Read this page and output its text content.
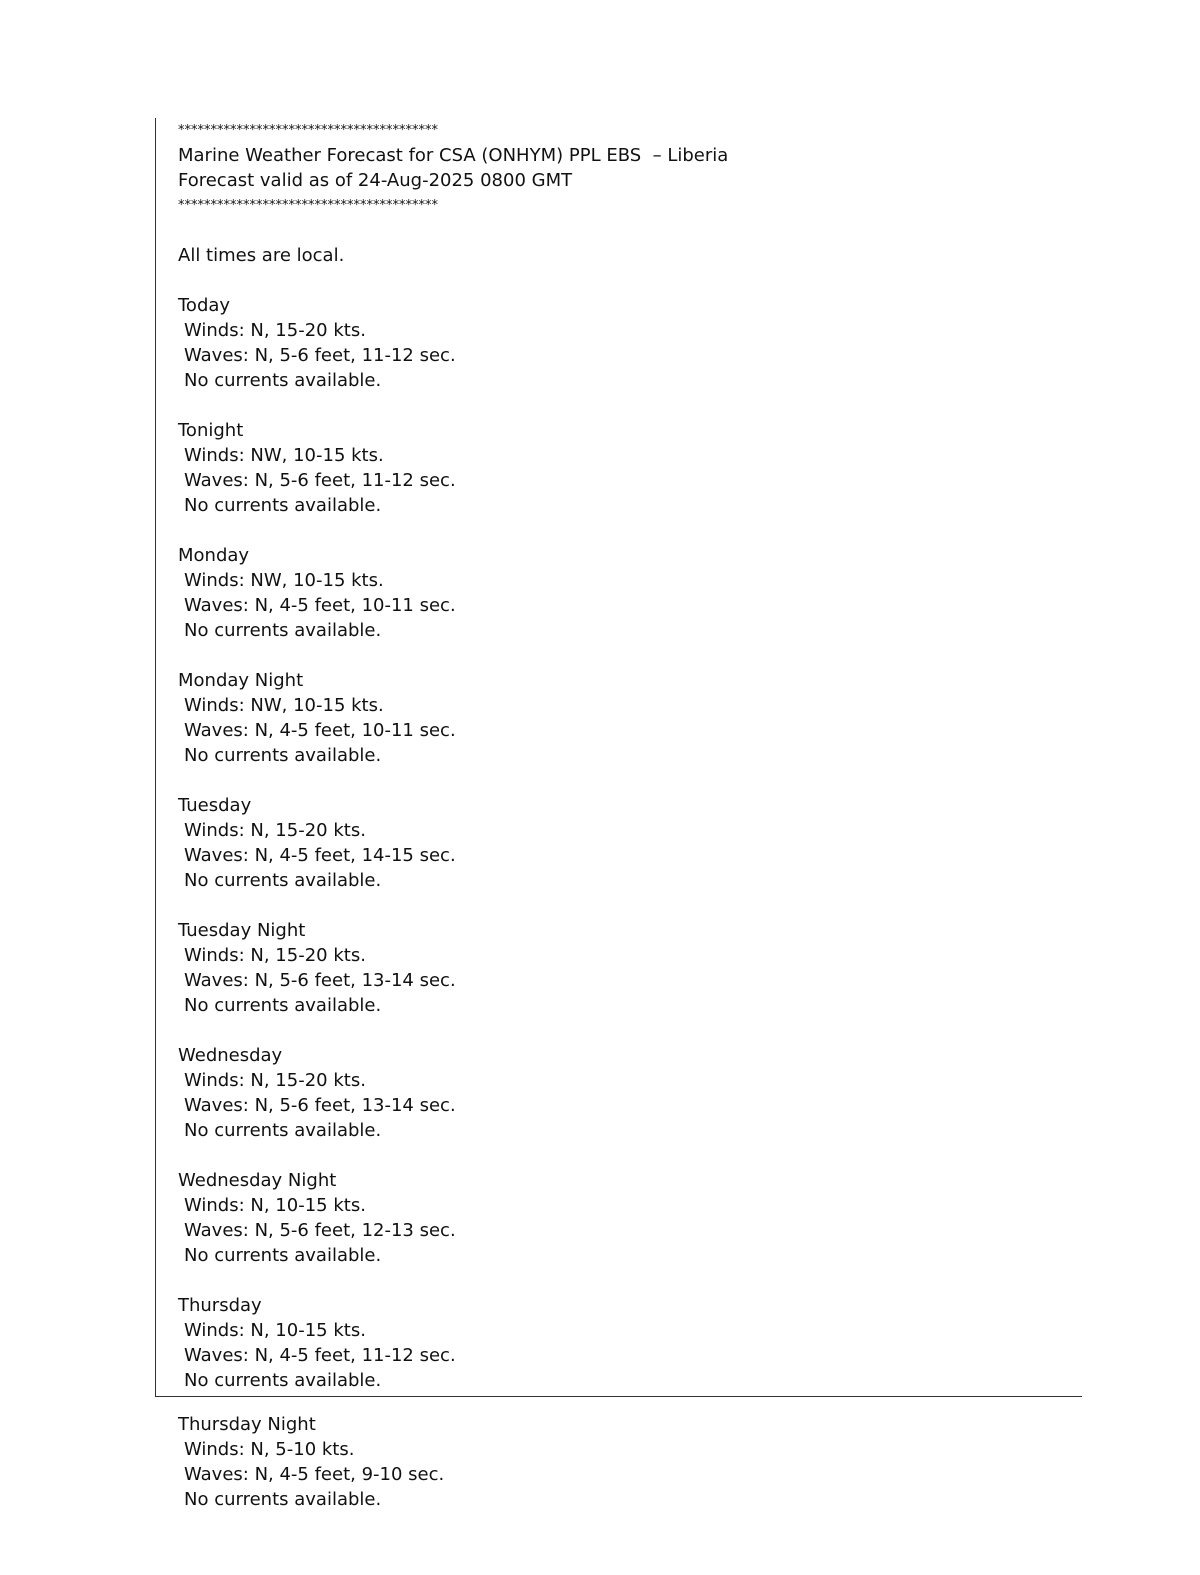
****************************************
Marine Weather Forecast for CSA (ONHYM) PPL EBS  – Liberia
Forecast valid as of 24-Aug-2025 0800 GMT
****************************************
All times are local.
Today
Winds: N, 15-20 kts.
Waves: N, 5-6 feet, 11-12 sec.
No currents available.
Tonight
Winds: NW, 10-15 kts.
Waves: N, 5-6 feet, 11-12 sec.
No currents available.
Monday
Winds: NW, 10-15 kts.
Waves: N, 4-5 feet, 10-11 sec.
No currents available.
Monday Night
Winds: NW, 10-15 kts.
Waves: N, 4-5 feet, 10-11 sec.
No currents available.
Tuesday
Winds: N, 15-20 kts.
Waves: N, 4-5 feet, 14-15 sec.
No currents available.
Tuesday Night
Winds: N, 15-20 kts.
Waves: N, 5-6 feet, 13-14 sec.
No currents available.
Wednesday
Winds: N, 15-20 kts.
Waves: N, 5-6 feet, 13-14 sec.
No currents available.
Wednesday Night
Winds: N, 10-15 kts.
Waves: N, 5-6 feet, 12-13 sec.
No currents available.
Thursday
Winds: N, 10-15 kts.
Waves: N, 4-5 feet, 11-12 sec.
No currents available.
Thursday Night
Winds: N, 5-10 kts.
Waves: N, 4-5 feet, 9-10 sec.
No currents available.
